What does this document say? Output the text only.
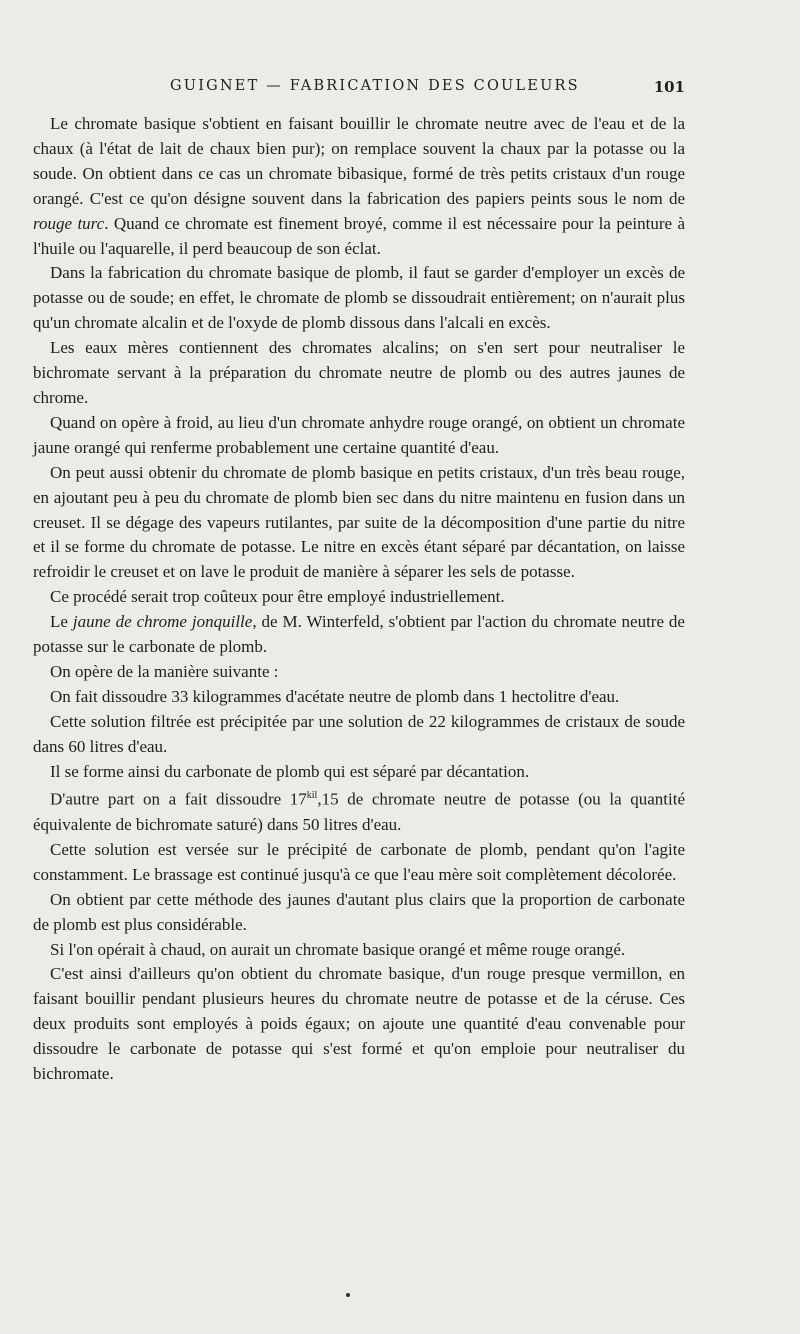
GUIGNET — FABRICATION DES COULEURS	101

Le chromate basique s'obtient en faisant bouillir le chromate neutre avec de l'eau et de la chaux (à l'état de lait de chaux bien pur); on remplace souvent la chaux par la potasse ou la soude. On obtient dans ce cas un chromate bibasique, formé de très petits cristaux d'un rouge orangé. C'est ce qu'on désigne souvent dans la fabrication des papiers peints sous le nom de rouge turc. Quand ce chromate est finement broyé, comme il est nécessaire pour la peinture à l'huile ou l'aquarelle, il perd beaucoup de son éclat.

Dans la fabrication du chromate basique de plomb, il faut se garder d'employer un excès de potasse ou de soude; en effet, le chromate de plomb se dissoudrait entièrement; on n'aurait plus qu'un chromate alcalin et de l'oxyde de plomb dissous dans l'alcali en excès.

Les eaux mères contiennent des chromates alcalins; on s'en sert pour neutraliser le bichromate servant à la préparation du chromate neutre de plomb ou des autres jaunes de chrome.

Quand on opère à froid, au lieu d'un chromate anhydre rouge orangé, on obtient un chromate jaune orangé qui renferme probablement une certaine quantité d'eau.

On peut aussi obtenir du chromate de plomb basique en petits cristaux, d'un très beau rouge, en ajoutant peu à peu du chromate de plomb bien sec dans du nitre maintenu en fusion dans un creuset. Il se dégage des vapeurs rutilantes, par suite de la décomposition d'une partie du nitre et il se forme du chromate de potasse. Le nitre en excès étant séparé par décantation, on laisse refroidir le creuset et on lave le produit de manière à séparer les sels de potasse.

Ce procédé serait trop coûteux pour être employé industriellement.

Le jaune de chrome jonquille, de M. Winterfeld, s'obtient par l'action du chromate neutre de potasse sur le carbonate de plomb.

On opère de la manière suivante :

On fait dissoudre 33 kilogrammes d'acétate neutre de plomb dans 1 hectolitre d'eau.

Cette solution filtrée est précipitée par une solution de 22 kilogrammes de cristaux de soude dans 60 litres d'eau.

Il se forme ainsi du carbonate de plomb qui est séparé par décantation.

D'autre part on a fait dissoudre $17^{kil},15$ de chromate neutre de potasse (ou la quantité équivalente de bichromate saturé) dans 50 litres d'eau.

Cette solution est versée sur le précipité de carbonate de plomb, pendant qu'on l'agite constamment. Le brassage est continué jusqu'à ce que l'eau mère soit complètement décolorée.

On obtient par cette méthode des jaunes d'autant plus clairs que la proportion de carbonate de plomb est plus considérable.

Si l'on opérait à chaud, on aurait un chromate basique orangé et même rouge orangé.

C'est ainsi d'ailleurs qu'on obtient du chromate basique, d'un rouge presque vermillon, en faisant bouillir pendant plusieurs heures du chromate neutre de potasse et de la céruse. Ces deux produits sont employés à poids égaux; on ajoute une quantité d'eau convenable pour dissoudre le carbonate de potasse qui s'est formé et qu'on emploie pour neutraliser du bichromate.
